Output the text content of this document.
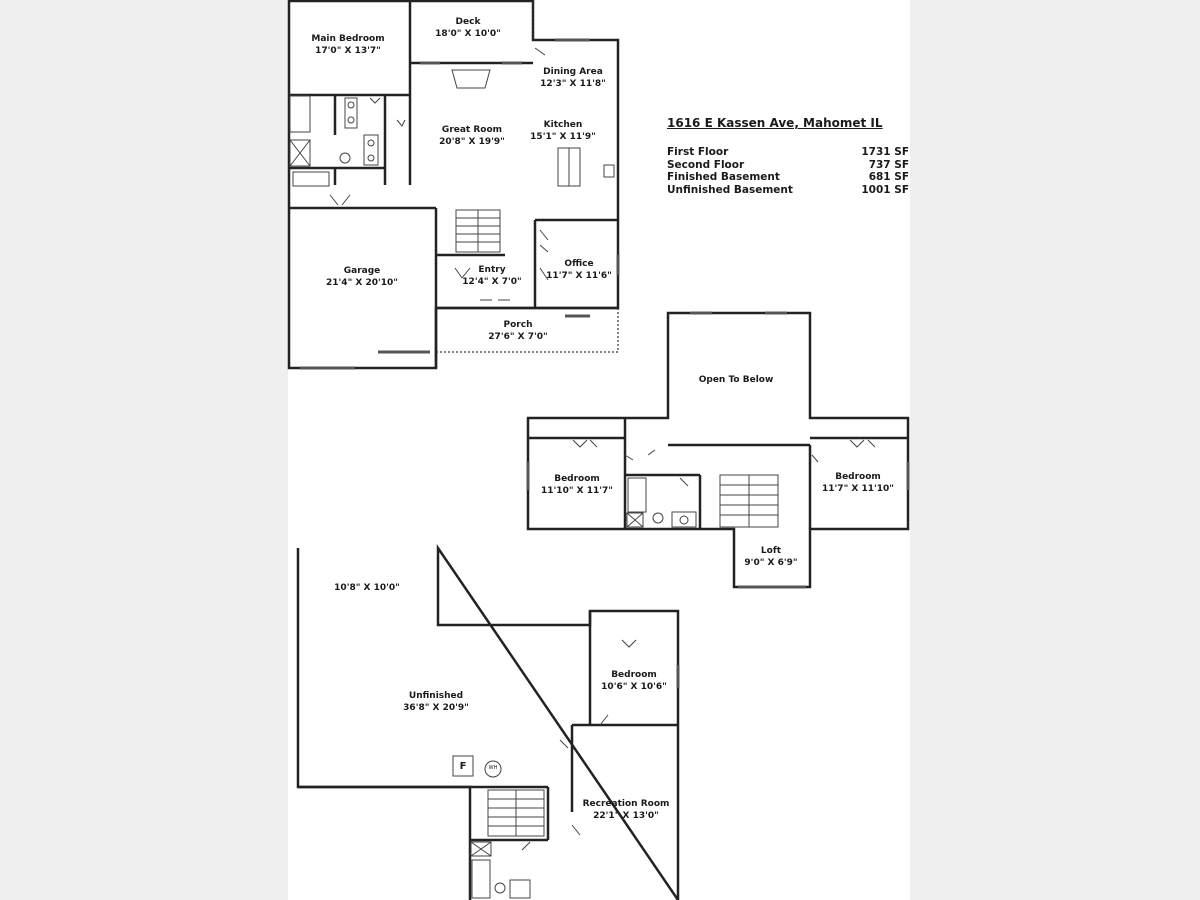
Main Bedroom
17'0" X 13'7"
Deck
18'0" X 10'0"
Dining Area
12'3" X 11'8"
Great Room
20'8" X 19'9"
Kitchen
15'1" X 11'9"
Garage
21'4" X 20'10"
Entry
12'4" X 7'0"
Office
11'7" X 11'6"
Porch
27'6" X 7'0"
Open To Below
Bedroom
11'10" X 11'7"
Bedroom
11'7" X 11'10"
Loft
9'0" X 6'9"
10'8" X 10'0"
Unfinished
36'8" X 20'9"
Bedroom
10'6" X 10'6"
Recreation Room
22'1" X 13'0"
F	WH
1616 E Kassen Ave, Mahomet IL
First Floor	1731 SF
Second Floor	737 SF
Finished Basement	681 SF
Unfinished Basement	1001 SF
